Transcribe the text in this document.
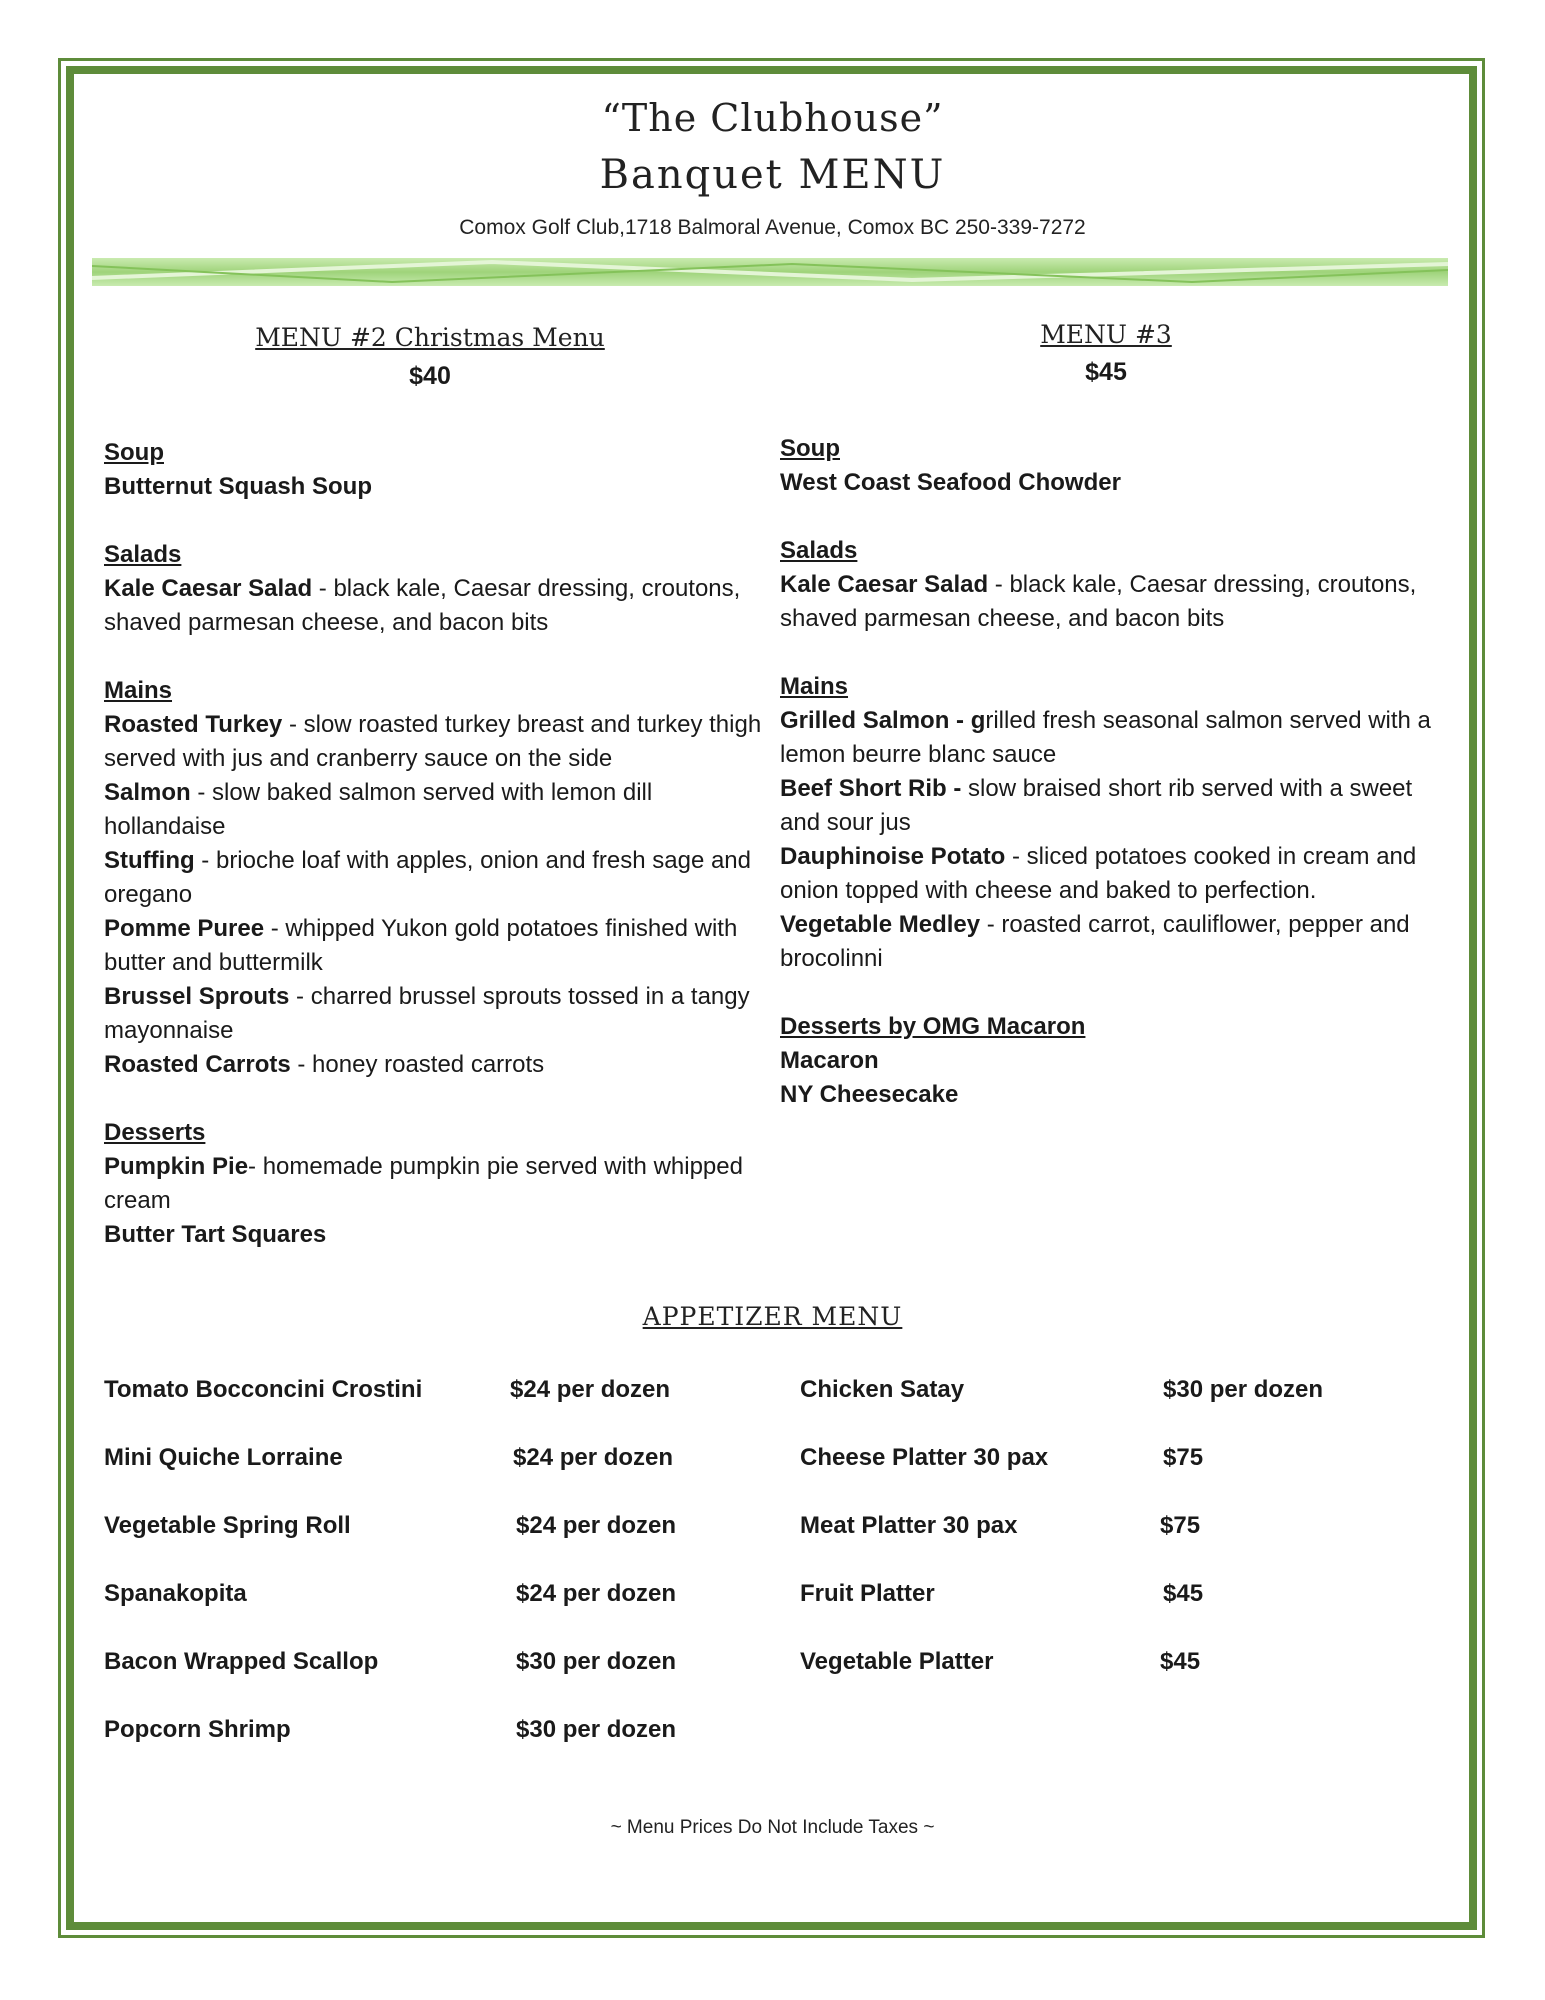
“The Clubhouse”
Banquet MENU
Comox Golf Club,1718 Balmoral Avenue, Comox BC 250-339-7272
MENU #2 Christmas Menu
$40
Soup
Butternut Squash Soup
Salads
Kale Caesar Salad - black kale, Caesar dressing, croutons, shaved parmesan cheese, and bacon bits
Mains
Roasted Turkey - slow roasted turkey breast and turkey thigh served with jus and cranberry sauce on the side
Salmon - slow baked salmon served with lemon dill hollandaise
Stuffing - brioche loaf with apples, onion and fresh sage and oregano
Pomme Puree - whipped Yukon gold potatoes finished with butter and buttermilk
Brussel Sprouts - charred brussel sprouts tossed in a tangy mayonnaise
Roasted Carrots - honey roasted carrots
Desserts
Pumpkin Pie- homemade pumpkin pie served with whipped cream
Butter Tart Squares
MENU #3
$45
Soup
West Coast Seafood Chowder
Salads
Kale Caesar Salad - black kale, Caesar dressing, croutons, shaved parmesan cheese, and bacon bits
Mains
Grilled Salmon - grilled fresh seasonal salmon served with a lemon beurre blanc sauce
Beef Short Rib - slow braised short rib served with a sweet and sour jus
Dauphinoise Potato - sliced potatoes cooked in cream and onion topped with cheese and baked to perfection.
Vegetable Medley - roasted carrot, cauliflower, pepper and brocolinni
Desserts by OMG Macaron
Macaron
NY Cheesecake
APPETIZER MENU
Tomato Bocconcini Crostini	$24 per dozen
Mini Quiche Lorraine	$24 per dozen
Vegetable Spring Roll	$24 per dozen
Spanakopita	$24 per dozen
Bacon Wrapped Scallop	$30 per dozen
Popcorn Shrimp	$30 per dozen
Chicken Satay	$30 per dozen
Cheese Platter 30 pax	$75
Meat Platter 30 pax	$75
Fruit Platter	$45
Vegetable Platter	$45
~ Menu Prices Do Not Include Taxes ~
